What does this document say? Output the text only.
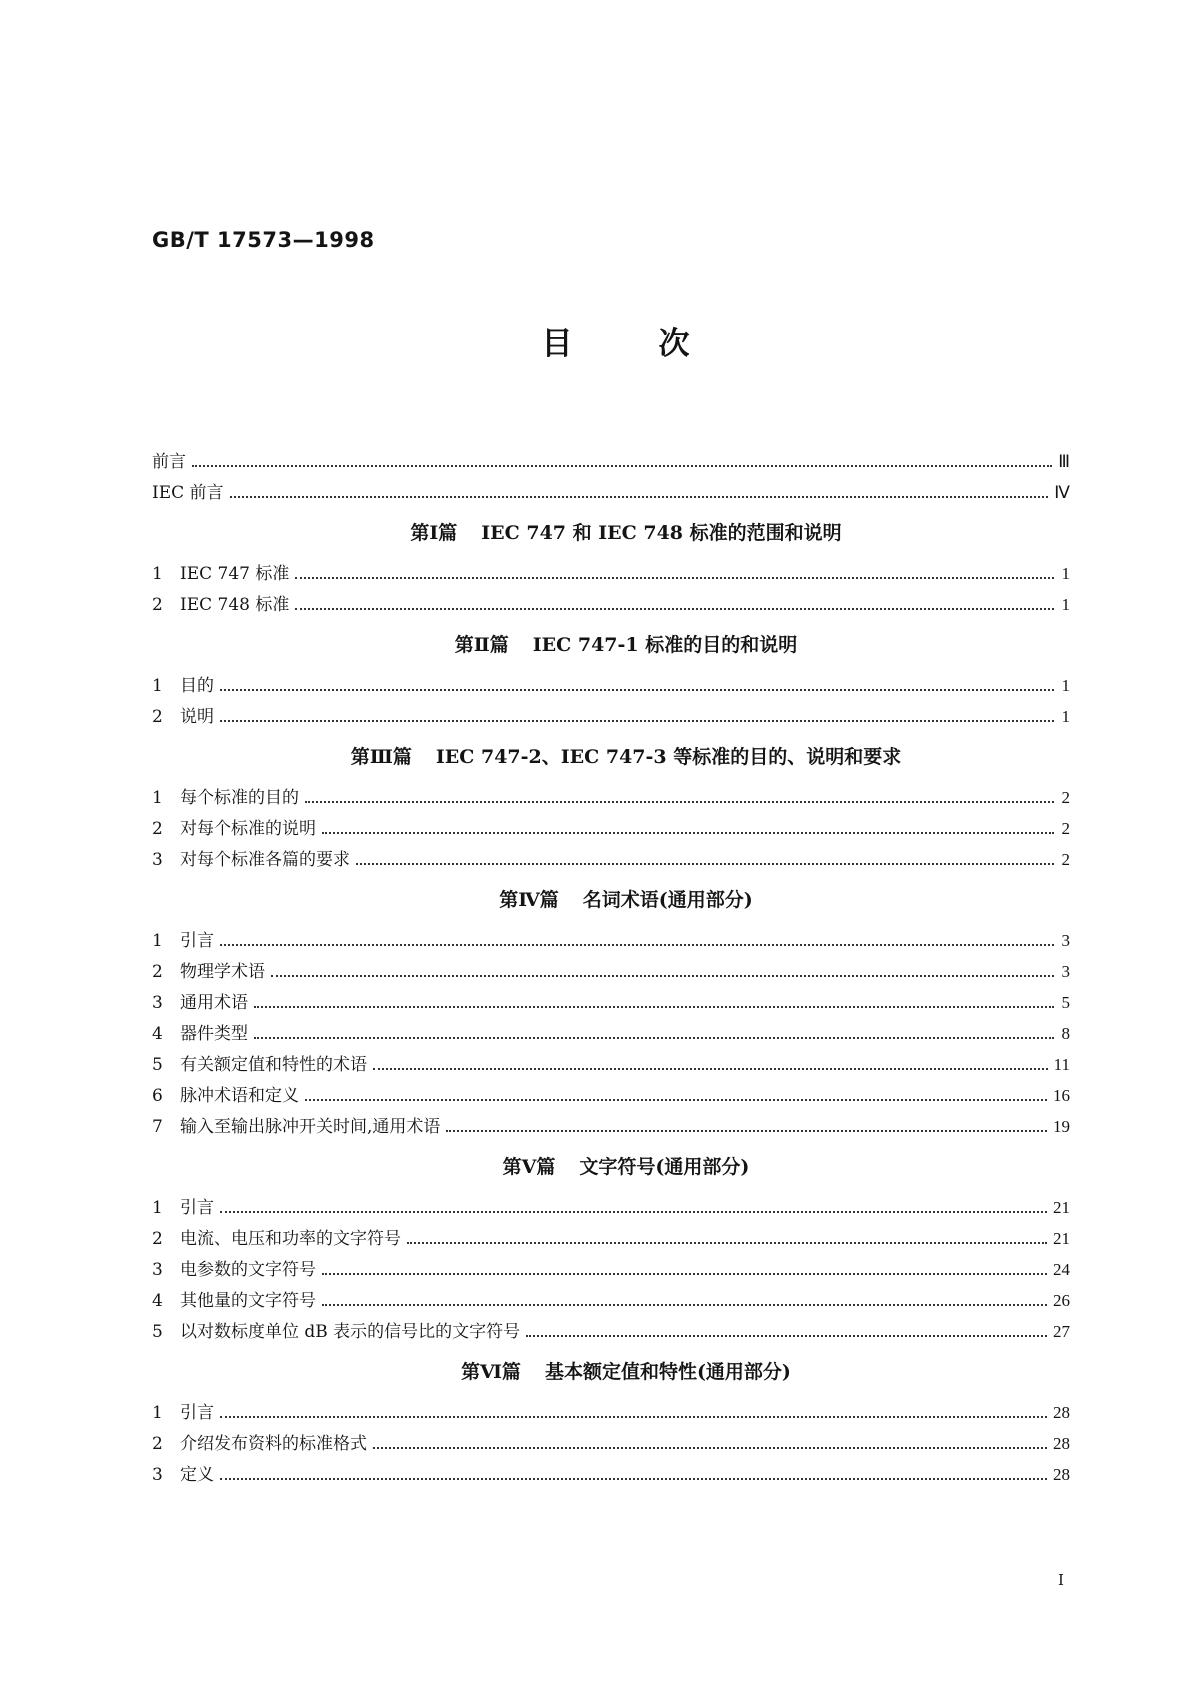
GB/T 17573—1998
目次
前言	Ⅲ
IEC 前言	Ⅳ
第Ⅰ篇 IEC 747 和 IEC 748 标准的范围和说明
1	IEC 747 标准	1
2	IEC 748 标准	1
第Ⅱ篇 IEC 747-1 标准的目的和说明
1	目的	1
2	说明	1
第Ⅲ篇 IEC 747-2、IEC 747-3 等标准的目的、说明和要求
1	每个标准的目的	2
2	对每个标准的说明	2
3	对每个标准各篇的要求	2
第Ⅳ篇 名词术语(通用部分)
1	引言	3
2	物理学术语	3
3	通用术语	5
4	器件类型	8
5	有关额定值和特性的术语	11
6	脉冲术语和定义	16
7	输入至输出脉冲开关时间,通用术语	19
第Ⅴ篇 文字符号(通用部分)
1	引言	21
2	电流、电压和功率的文字符号	21
3	电参数的文字符号	24
4	其他量的文字符号	26
5	以对数标度单位 dB 表示的信号比的文字符号	27
第Ⅵ篇 基本额定值和特性(通用部分)
1	引言	28
2	介绍发布资料的标准格式	28
3	定义	28
I
